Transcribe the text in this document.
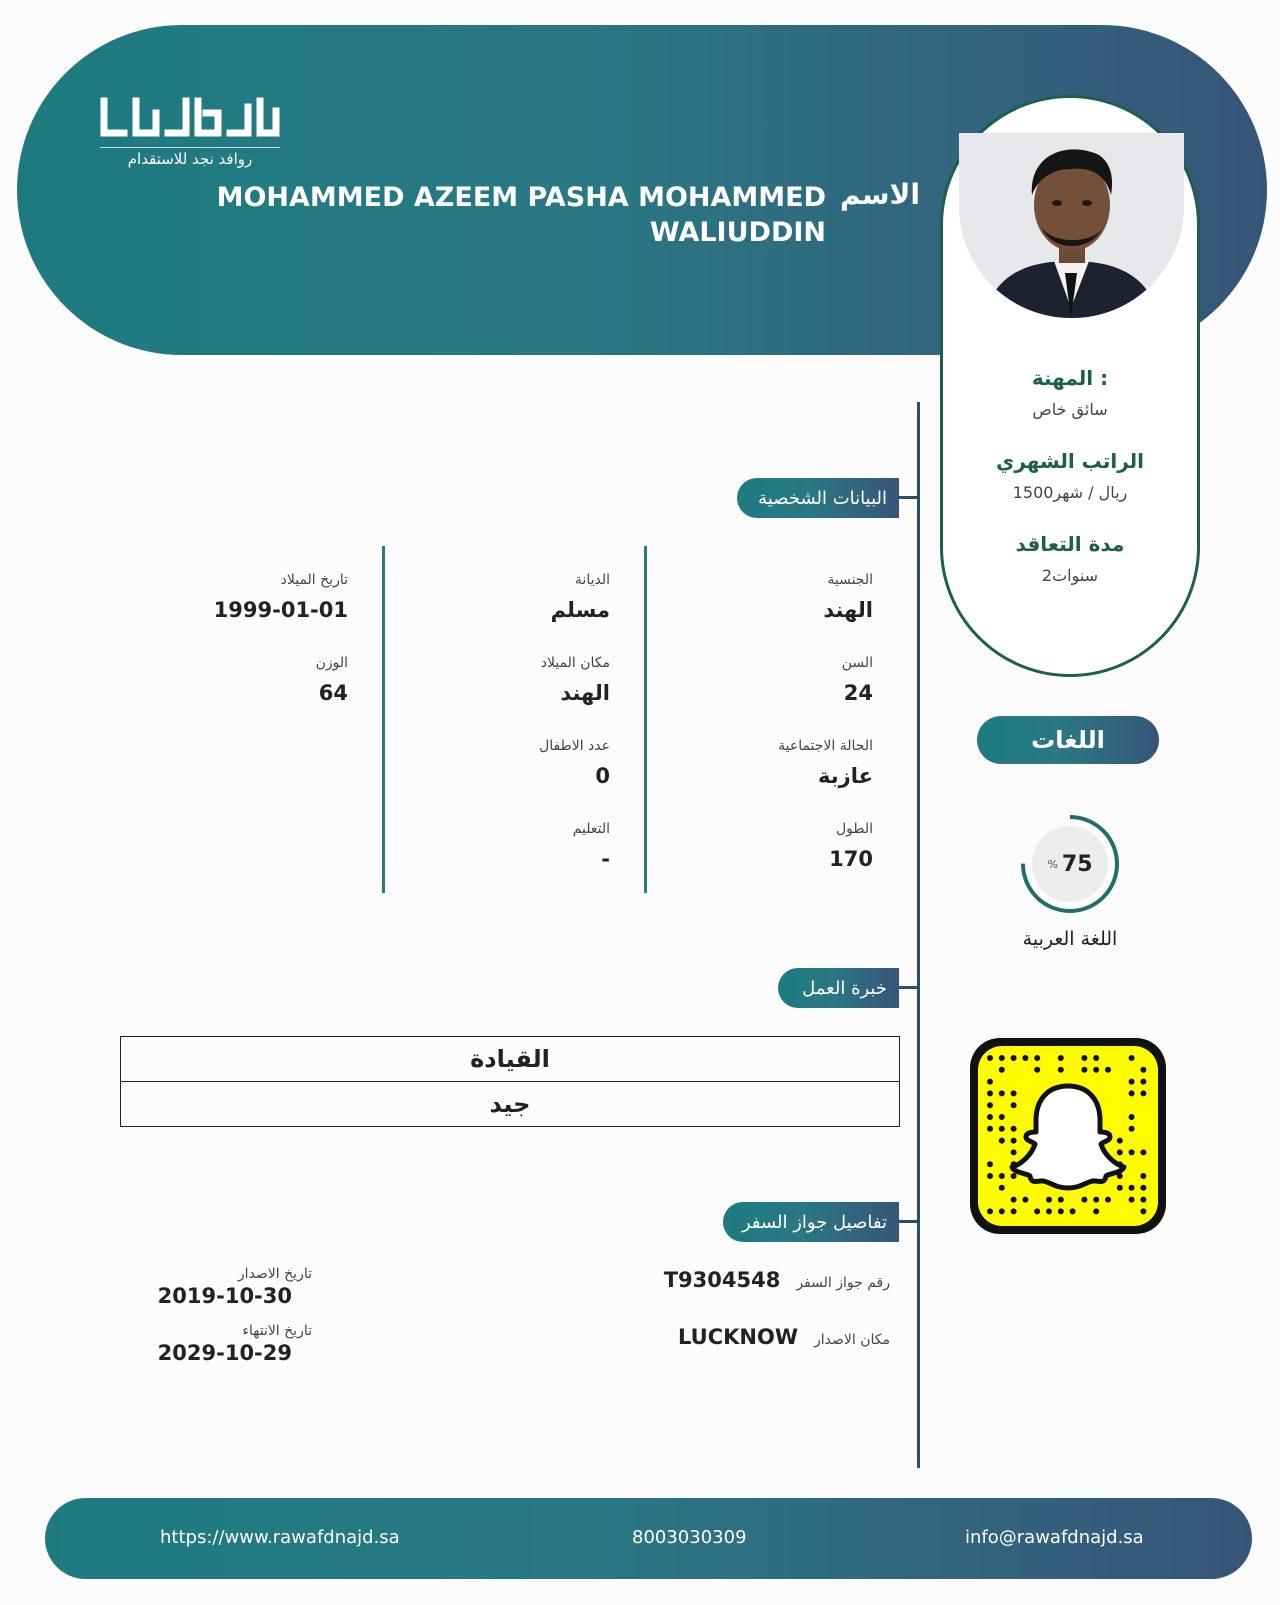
روافد نجد للاستقدام
الاسم
MOHAMMED AZEEM PASHA MOHAMMED WALIUDDIN
المهنة :
سائق خاص
الراتب الشهري
1500ريال / شهر
مدة التعاقد
2سنوات
اللغات
% 75
اللغة العربية
البيانات الشخصية
الجنسية
الهند
السن
24
الحالة الاجتماعية
عازبة
الطول
170
الديانة
مسلم
مكان الميلاد
الهند
عدد الاطفال
0
التعليم
-
تاريخ الميلاد
1999-01-01
الوزن
64
خبرة العمل
القيادة
جيد
تفاصيل جواز السفر
رقم جواز السفر
T9304548
مكان الاصدار
LUCKNOW
تاريخ الاصدار
2019-10-30
تاريخ الانتهاء
2029-10-29
https://www.rawafdnajd.sa	8003030309	info@rawafdnajd.sa
